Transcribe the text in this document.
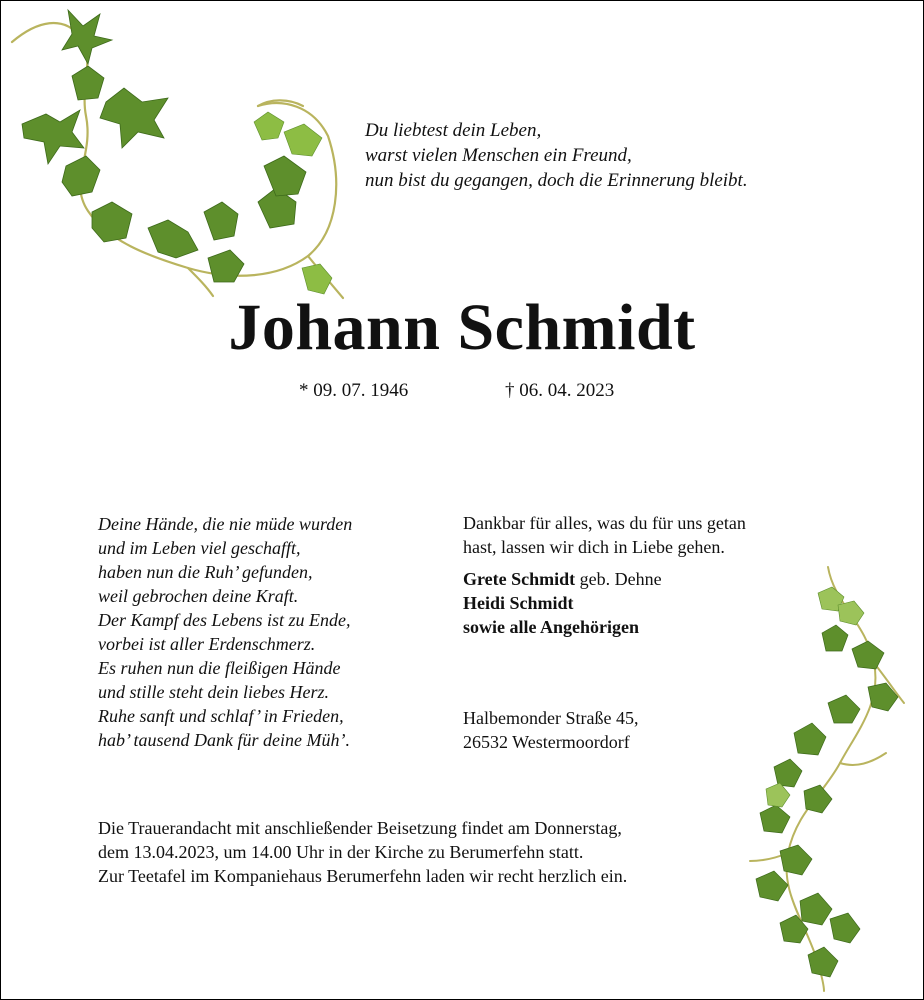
Du liebtest dein Leben,
warst vielen Menschen ein Freund,
nun bist du gegangen, doch die Erinnerung bleibt.
Johann Schmidt
* 09. 07. 1946	† 06. 04. 2023
Deine Hände, die nie müde wurden
und im Leben viel geschafft,
haben nun die Ruh’ gefunden,
weil gebrochen deine Kraft.
Der Kampf des Lebens ist zu Ende,
vorbei ist aller Erdenschmerz.
Es ruhen nun die fleißigen Hände
und stille steht dein liebes Herz.
Ruhe sanft und schlaf’ in Frieden,
hab’ tausend Dank für deine Müh’.
Dankbar für alles, was du für uns getan
hast, lassen wir dich in Liebe gehen.
Grete Schmidt geb. Dehne
Heidi Schmidt
sowie alle Angehörigen
Halbemonder Straße 45,
26532 Westermoordorf
Die Trauerandacht mit anschließender Beisetzung findet am Donnerstag,
dem 13.04.2023, um 14.00 Uhr in der Kirche zu Berumerfehn statt.
Zur Teetafel im Kompaniehaus Berumerfehn laden wir recht herzlich ein.
